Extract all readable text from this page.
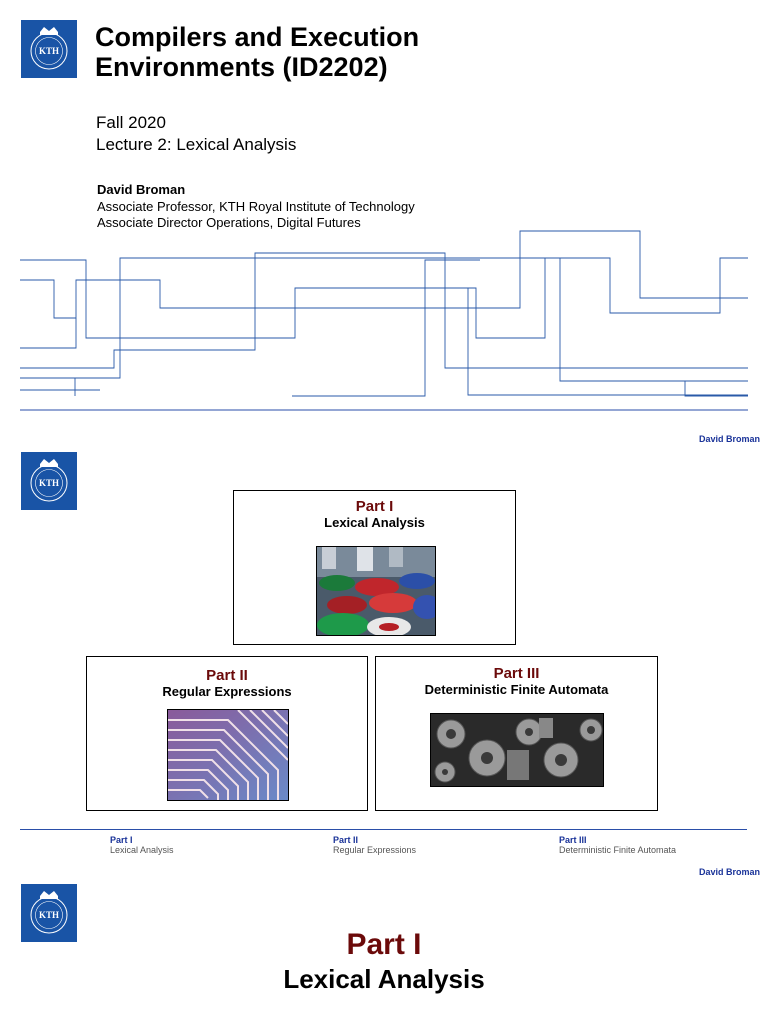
KTH Compilers and Execution
Environments (ID2202)
Fall 2020
Lecture 2: Lexical Analysis
David Broman
Associate Professor, KTH Royal Institute of Technology
Associate Director Operations, Digital Futures
David Broman
KTH
Part I
Lexical Analysis
Part II
Regular Expressions
Part III
Deterministic Finite Automata
Part I
Lexical Analysis
Part II
Regular Expressions
Part III
Deterministic Finite Automata
David Broman
KTH
Part I
Lexical Analysis
